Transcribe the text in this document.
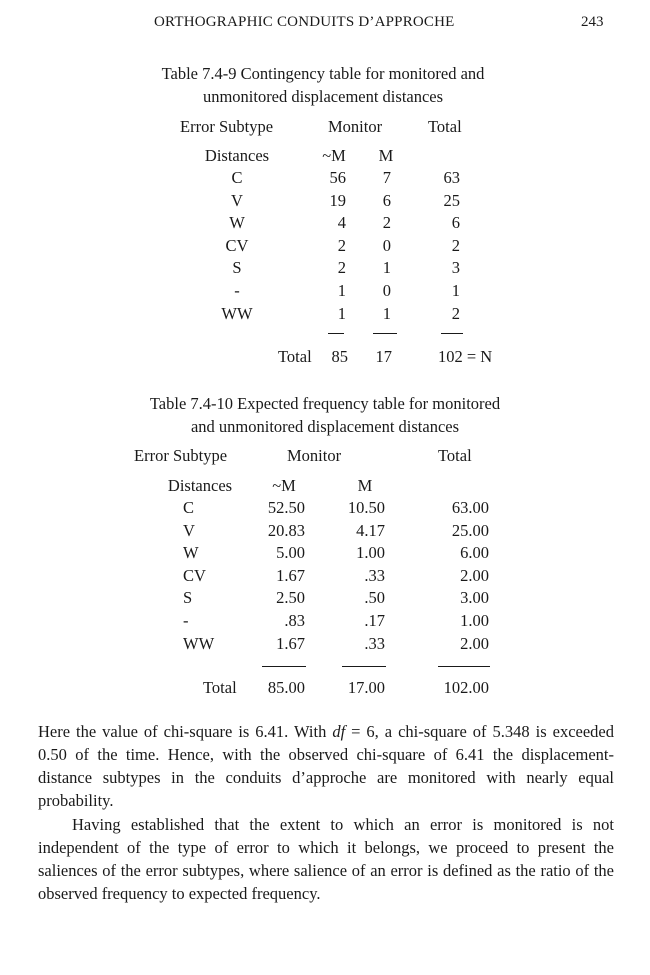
ORTHOGRAPHIC CONDUITS D’APPROCHE	243
Table 7.4-9 Contingency table for monitored and
unmonitored displacement distances
Error Subtype	Monitor	Total
Distances	~M M
C	56 7	63
V	19 6	25
W	4 2	6
CV	2 0	2
S	2 1	3
-	1 0	1
WW	1 1	2
Total 85 17	102 = N
Table 7.4-10 Expected frequency table for monitored
and unmonitored displacement distances
Error Subtype	Monitor	Total
Distances ~M	M
C	52.50	10.50	63.00
V	20.83	4.17	25.00
W	5.00	1.00	6.00
CV	1.67	.33	2.00
S	2.50	.50	3.00
-	.83	.17	1.00
WW	1.67	.33	2.00
Total 85.00	17.00	102.00

Here the value of chi-square is 6.41. With df = 6, a chi-square of 5.348 is exceeded 0.50 of the time. Hence, with the observed chi-square of 6.41 the displacement-distance subtypes in the conduits d’approche are monitored with nearly equal probability.

Having established that the extent to which an error is monitored is not independent of the type of error to which it belongs, we proceed to present the saliences of the error subtypes, where salience of an error is defined as the ratio of the observed frequency to expected frequency.
